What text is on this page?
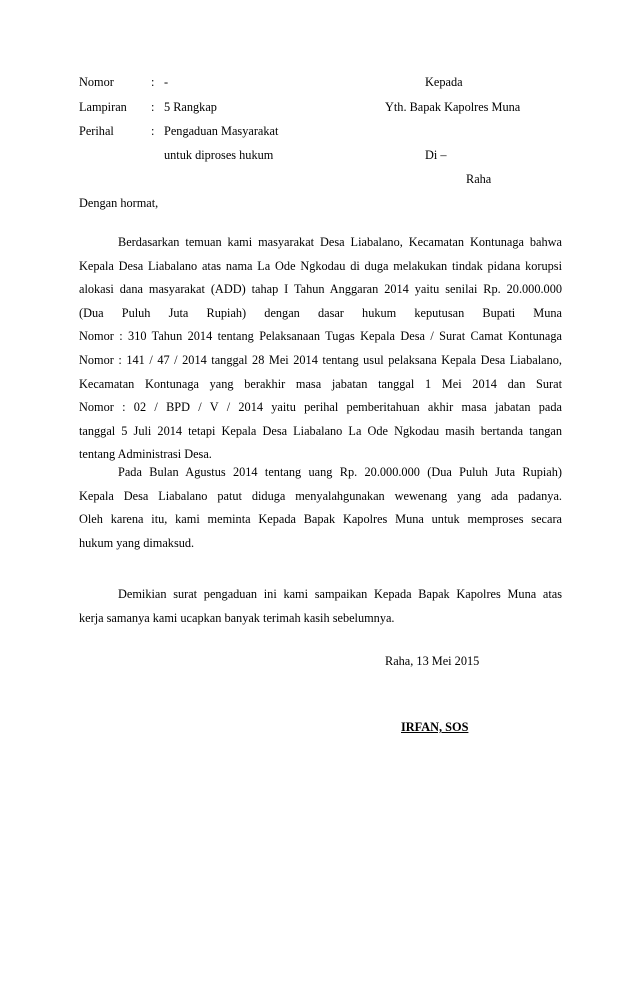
Nomor	: -
Lampiran : 5 Rangkap
Perihal	: Pengaduan Masyarakat
untuk diproses hukum
Kepada
Yth. Bapak Kapolres Muna
Di –
Raha
Dengan hormat,
Berdasarkan temuan kami masyarakat Desa Liabalano, Kecamatan Kontunaga bahwa
Kepala Desa Liabalano atas nama La Ode Ngkodau di duga melakukan tindak pidana korupsi
alokasi dana masyarakat (ADD) tahap I Tahun Anggaran 2014 yaitu senilai Rp. 20.000.000
(Dua Puluh Juta Rupiah) dengan dasar hukum keputusan Bupati Muna
Nomor : 310 Tahun 2014 tentang Pelaksanaan Tugas Kepala Desa / Surat Camat Kontunaga
Nomor : 141 / 47 / 2014 tanggal 28 Mei 2014 tentang usul pelaksana Kepala Desa Liabalano,
Kecamatan Kontunaga yang berakhir masa jabatan tanggal 1 Mei 2014 dan Surat
Nomor : 02 / BPD / V / 2014 yaitu perihal pemberitahuan akhir masa jabatan pada
tanggal 5 Juli 2014 tetapi Kepala Desa Liabalano La Ode Ngkodau masih bertanda tangan
tentang Administrasi Desa.
Pada Bulan Agustus 2014 tentang uang Rp. 20.000.000 (Dua Puluh Juta Rupiah)
Kepala Desa Liabalano patut diduga menyalahgunakan wewenang yang ada padanya.
Oleh karena itu, kami meminta Kepada Bapak Kapolres Muna untuk memproses secara
hukum yang dimaksud.
Demikian surat pengaduan ini kami sampaikan Kepada Bapak Kapolres Muna atas
kerja samanya kami ucapkan banyak terimah kasih sebelumnya.
Raha, 13 Mei 2015
IRFAN, SOS
